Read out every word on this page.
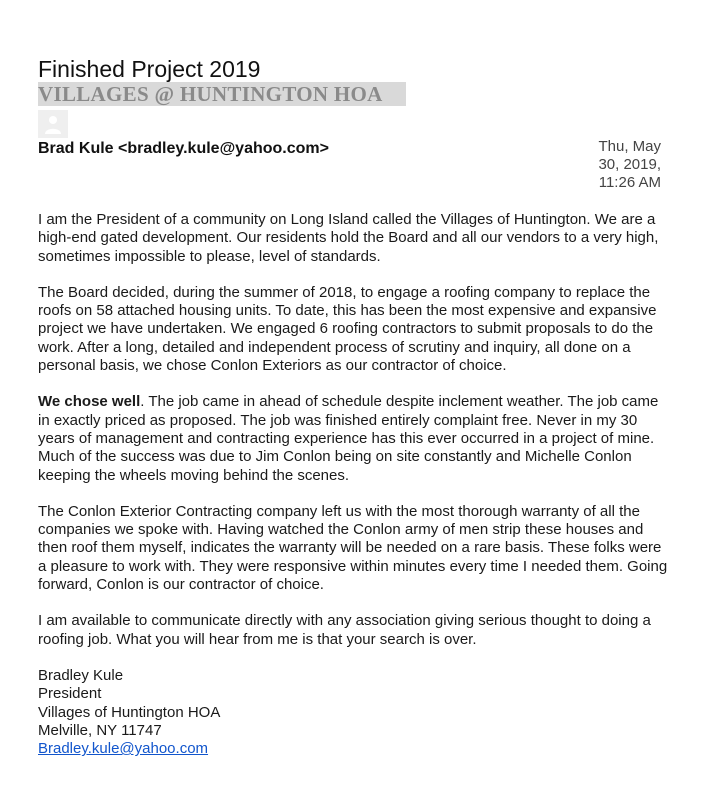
Finished Project 2019
VILLAGES @ HUNTINGTON HOA
Brad Kule <bradley.kule@yahoo.com>	Thu, May
30, 2019,
11:26 AM

I am the President of a community on Long Island called the Villages of Huntington. We are a high-end gated development. Our residents hold the Board and all our vendors to a very high, sometimes impossible to please, level of standards.

The Board decided, during the summer of 2018, to engage a roofing company to replace the roofs on 58 attached housing units. To date, this has been the most expensive and expansive project we have undertaken. We engaged 6 roofing contractors to submit proposals to do the work. After a long, detailed and independent process of scrutiny and inquiry, all done on a personal basis, we chose Conlon Exteriors as our contractor of choice.

We chose well. The job came in ahead of schedule despite inclement weather. The job came in exactly priced as proposed. The job was finished entirely complaint free. Never in my 30 years of management and contracting experience has this ever occurred in a project of mine. Much of the success was due to Jim Conlon being on site constantly and Michelle Conlon keeping the wheels moving behind the scenes.

The Conlon Exterior Contracting company left us with the most thorough warranty of all the companies we spoke with. Having watched the Conlon army of men strip these houses and then roof them myself, indicates the warranty will be needed on a rare basis. These folks were a pleasure to work with. They were responsive within minutes every time I needed them. Going forward, Conlon is our contractor of choice.

I am available to communicate directly with any association giving serious thought to doing a roofing job. What you will hear from me is that your search is over.

Bradley Kule
President
Villages of Huntington HOA
Melville, NY 11747
Bradley.kule@yahoo.com
